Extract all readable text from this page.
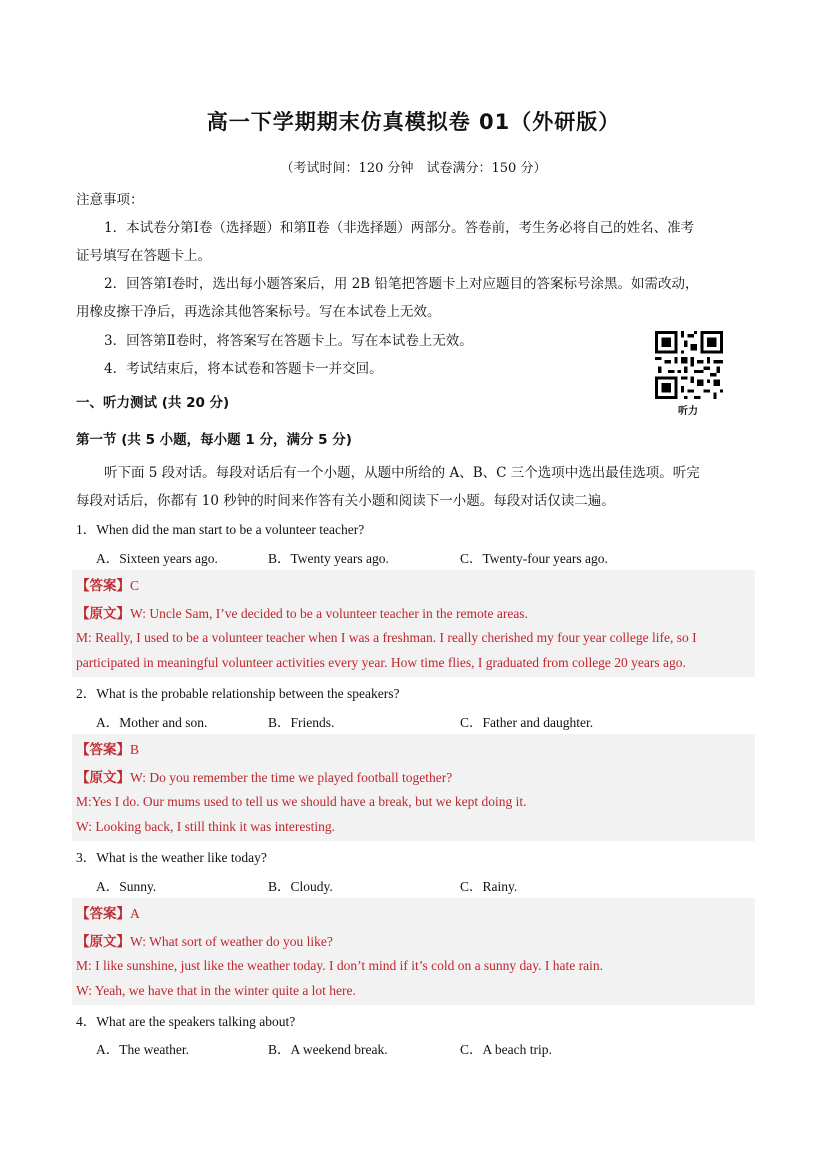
高一下学期期末仿真模拟卷 01（外研版）
（考试时间：120 分钟　试卷满分：150 分）
注意事项：
1．本试卷分第Ⅰ卷（选择题）和第Ⅱ卷（非选择题）两部分。答卷前，考生务必将自己的姓名、准考
证号填写在答题卡上。
2．回答第Ⅰ卷时，选出每小题答案后，用 2B 铅笔把答题卡上对应题目的答案标号涂黑。如需改动，
用橡皮擦干净后，再选涂其他答案标号。写在本试卷上无效。
3．回答第Ⅱ卷时，将答案写在答题卡上。写在本试卷上无效。
4．考试结束后，将本试卷和答题卡一并交回。
听力
一、听力测试 (共 20 分)
第一节 (共 5 小题，每小题 1 分，满分 5 分)
听下面 5 段对话。每段对话后有一个小题，从题中所给的 A、B、C 三个选项中选出最佳选项。听完
每段对话后，你都有 10 秒钟的时间来作答有关小题和阅读下一小题。每段对话仅读二遍。
1．When did the man start to be a volunteer teacher?
A．Sixteen years ago.	B．Twenty years ago.	C．Twenty-four years ago.
【答案】C
【原文】W: Uncle Sam, I’ve decided to be a volunteer teacher in the remote areas.
M: Really, I used to be a volunteer teacher when I was a freshman. I really cherished my four year college life, so I
participated in meaningful volunteer activities every year. How time flies, I graduated from college 20 years ago.
2．What is the probable relationship between the speakers?
A．Mother and son.	B．Friends.	C．Father and daughter.
【答案】B
【原文】W: Do you remember the time we played football together?
M:Yes I do. Our mums used to tell us we should have a break, but we kept doing it.
W: Looking back, I still think it was interesting.
3．What is the weather like today?
A．Sunny.	B．Cloudy.	C．Rainy.
【答案】A
【原文】W: What sort of weather do you like?
M: I like sunshine, just like the weather today. I don’t mind if it’s cold on a sunny day. I hate rain.
W: Yeah, we have that in the winter quite a lot here.
4．What are the speakers talking about?
A．The weather.	B．A weekend break.	C．A beach trip.
